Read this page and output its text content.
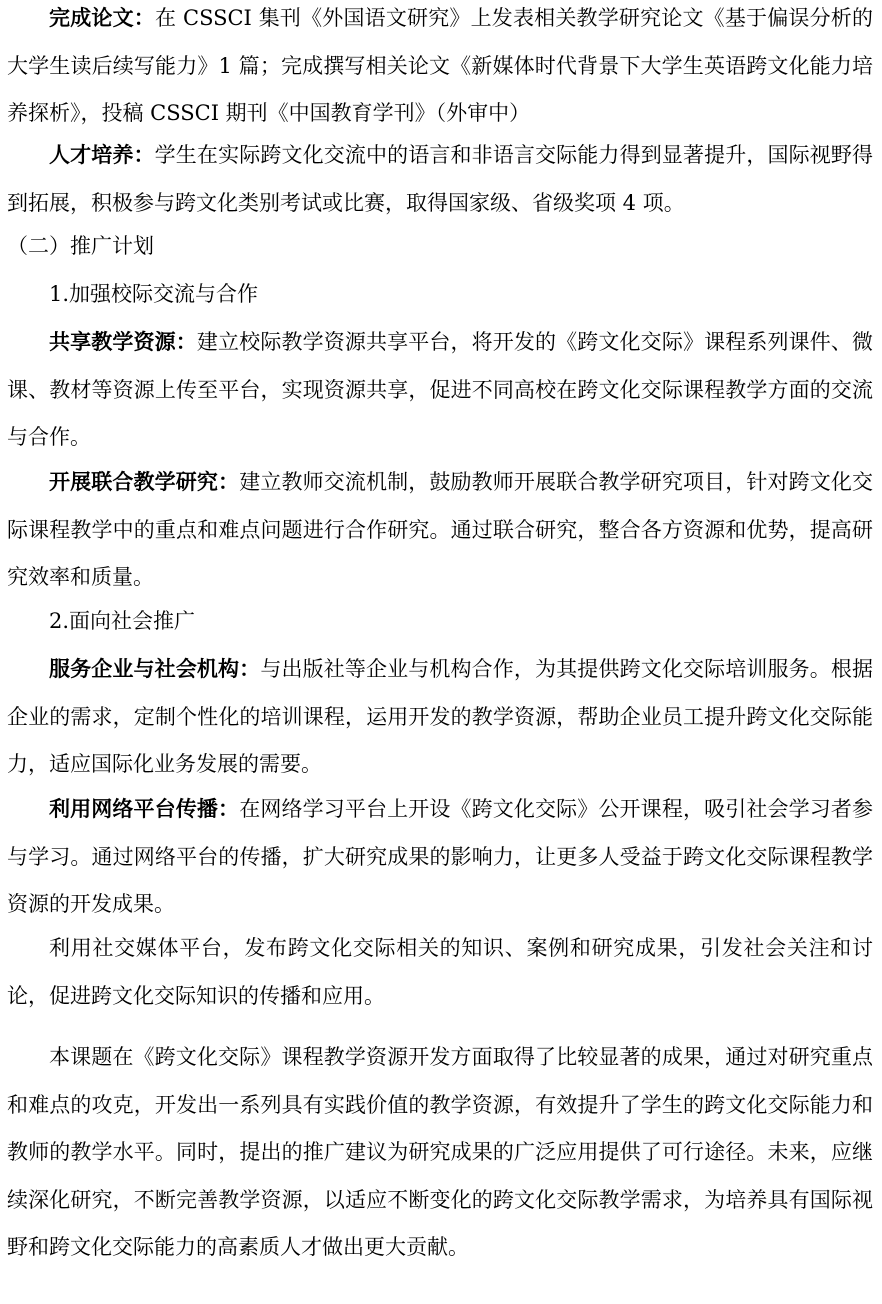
完成论文：在 CSSCI 集刊《外国语文研究》上发表相关教学研究论文《基于偏误分析的大学生读后续写能力》1 篇；完成撰写相关论文《新媒体时代背景下大学生英语跨文化能力培养探析》，投稿 CSSCI 期刊《中国教育学刊》（外审中）

人才培养：学生在实际跨文化交流中的语言和非语言交际能力得到显著提升，国际视野得到拓展，积极参与跨文化类别考试或比赛，取得国家级、省级奖项 4 项。

（二）推广计划

1.加强校际交流与合作

共享教学资源：建立校际教学资源共享平台，将开发的《跨文化交际》课程系列课件、微课、教材等资源上传至平台，实现资源共享，促进不同高校在跨文化交际课程教学方面的交流与合作。

开展联合教学研究：建立教师交流机制，鼓励教师开展联合教学研究项目，针对跨文化交际课程教学中的重点和难点问题进行合作研究。通过联合研究，整合各方资源和优势，提高研究效率和质量。

2.面向社会推广

服务企业与社会机构：与出版社等企业与机构合作，为其提供跨文化交际培训服务。根据企业的需求，定制个性化的培训课程，运用开发的教学资源，帮助企业员工提升跨文化交际能力，适应国际化业务发展的需要。

利用网络平台传播：在网络学习平台上开设《跨文化交际》公开课程，吸引社会学习者参与学习。通过网络平台的传播，扩大研究成果的影响力，让更多人受益于跨文化交际课程教学资源的开发成果。

利用社交媒体平台，发布跨文化交际相关的知识、案例和研究成果，引发社会关注和讨论，促进跨文化交际知识的传播和应用。

本课题在《跨文化交际》课程教学资源开发方面取得了比较显著的成果，通过对研究重点和难点的攻克，开发出一系列具有实践价值的教学资源，有效提升了学生的跨文化交际能力和教师的教学水平。同时，提出的推广建议为研究成果的广泛应用提供了可行途径。未来，应继续深化研究，不断完善教学资源，以适应不断变化的跨文化交际教学需求，为培养具有国际视野和跨文化交际能力的高素质人才做出更大贡献。
